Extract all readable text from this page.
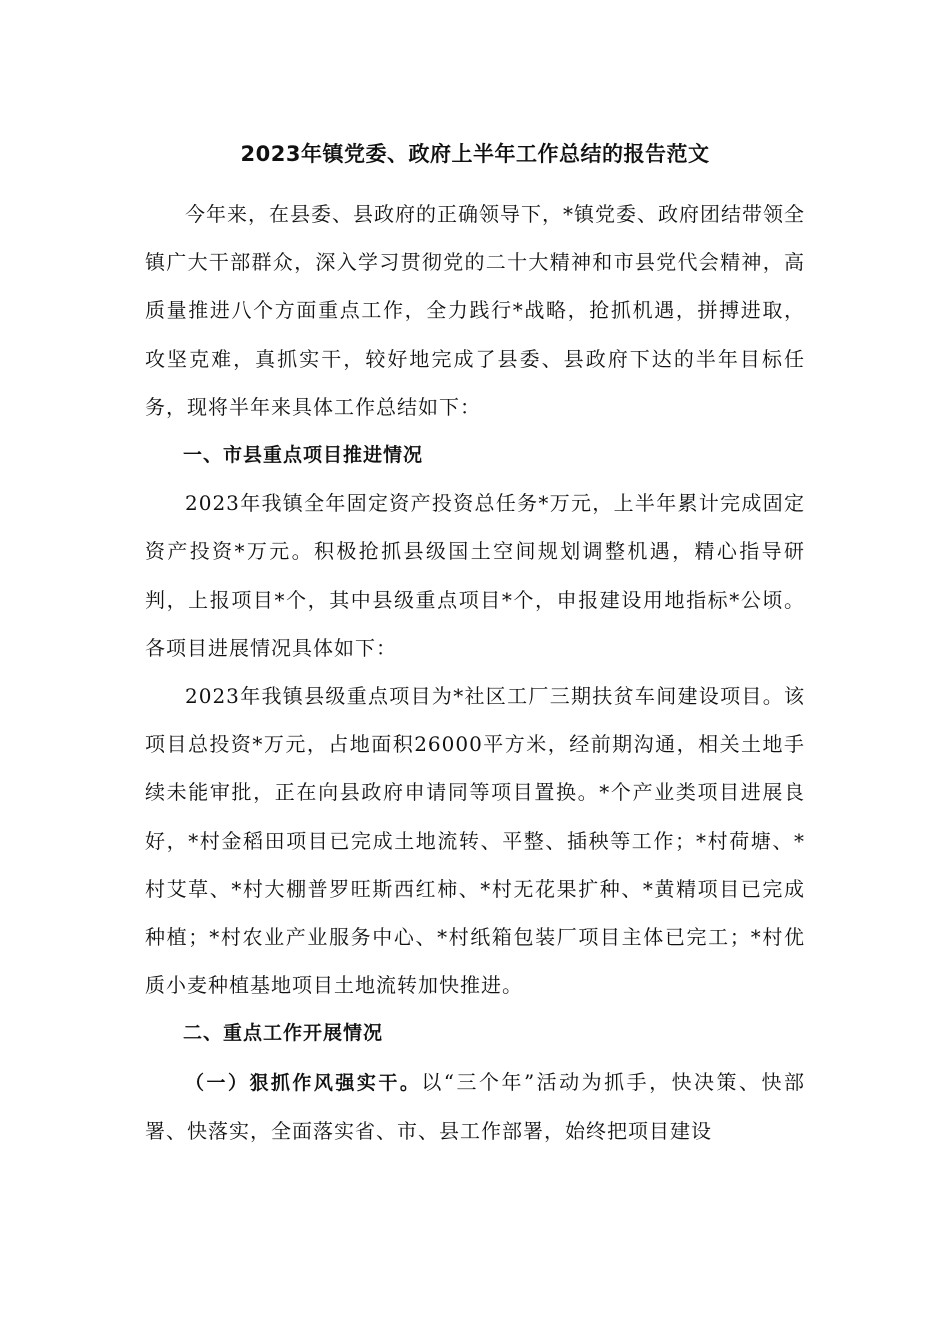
2023年镇党委、政府上半年工作总结的报告范文

今年来，在县委、县政府的正确领导下，*镇党委、政府团结带领全镇广大干部群众，深入学习贯彻党的二十大精神和市县党代会精神，高质量推进八个方面重点工作，全力践行*战略，抢抓机遇，拼搏进取，攻坚克难，真抓实干，较好地完成了县委、县政府下达的半年目标任务，现将半年来具体工作总结如下：

一、市县重点项目推进情况

2023年我镇全年固定资产投资总任务*万元，上半年累计完成固定资产投资*万元。积极抢抓县级国土空间规划调整机遇，精心指导研判，上报项目*个，其中县级重点项目*个，申报建设用地指标*公顷。各项目进展情况具体如下：

2023年我镇县级重点项目为*社区工厂三期扶贫车间建设项目。该项目总投资*万元，占地面积26000平方米，经前期沟通，相关土地手续未能审批，正在向县政府申请同等项目置换。*个产业类项目进展良好，*村金稻田项目已完成土地流转、平整、插秧等工作；*村荷塘、*村艾草、*村大棚普罗旺斯西红柿、*村无花果扩种、*黄精项目已完成种植；*村农业产业服务中心、*村纸箱包装厂项目主体已完工；*村优质小麦种植基地项目土地流转加快推进。

二、重点工作开展情况

（一）狠抓作风强实干。以“三个年”活动为抓手，快决策、快部署、快落实，全面落实省、市、县工作部署，始终把项目建设
